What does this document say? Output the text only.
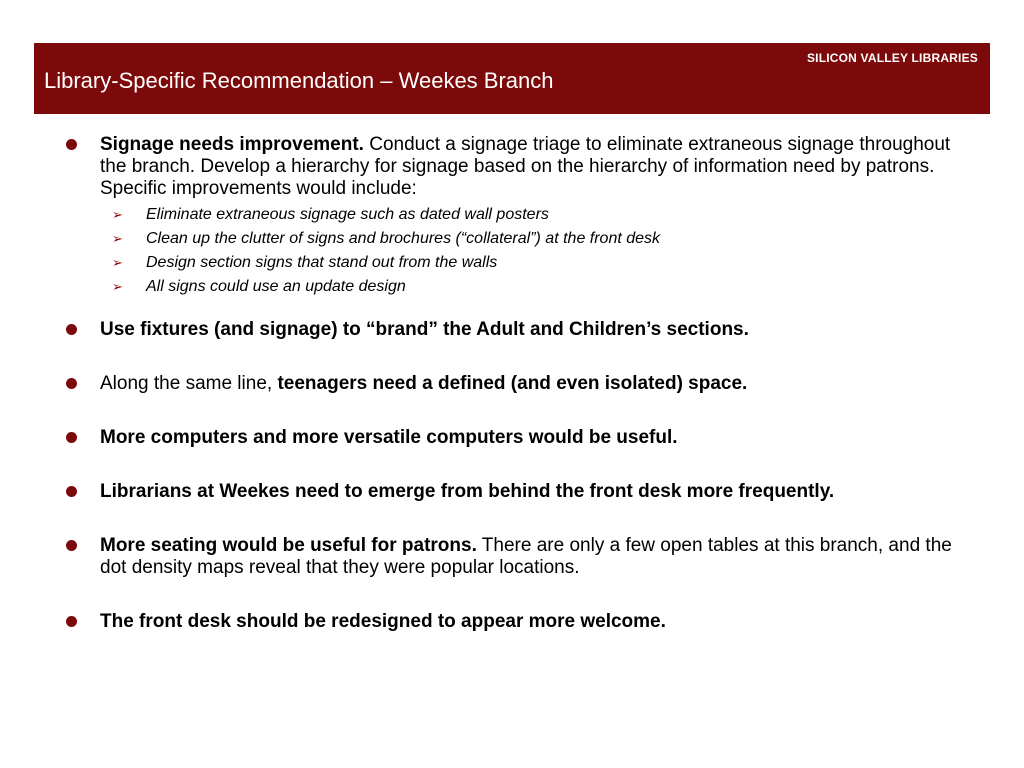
SILICON VALLEY LIBRARIES
Library-Specific Recommendation – Weekes Branch
Signage needs improvement. Conduct a signage triage to eliminate extraneous signage throughout the branch. Develop a hierarchy for signage based on the hierarchy of information need by patrons. Specific improvements would include:
➢ Eliminate extraneous signage such as dated wall posters
➢ Clean up the clutter of signs and brochures (“collateral”) at the front desk
➢ Design section signs that stand out from the walls
➢ All signs could use an update design
Use fixtures (and signage) to “brand” the Adult and Children’s sections.
Along the same line, teenagers need a defined (and even isolated) space.
More computers and more versatile computers would be useful.
Librarians at Weekes need to emerge from behind the front desk more frequently.
More seating would be useful for patrons. There are only a few open tables at this branch, and the dot density maps reveal that they were popular locations.
The front desk should be redesigned to appear more welcome.
